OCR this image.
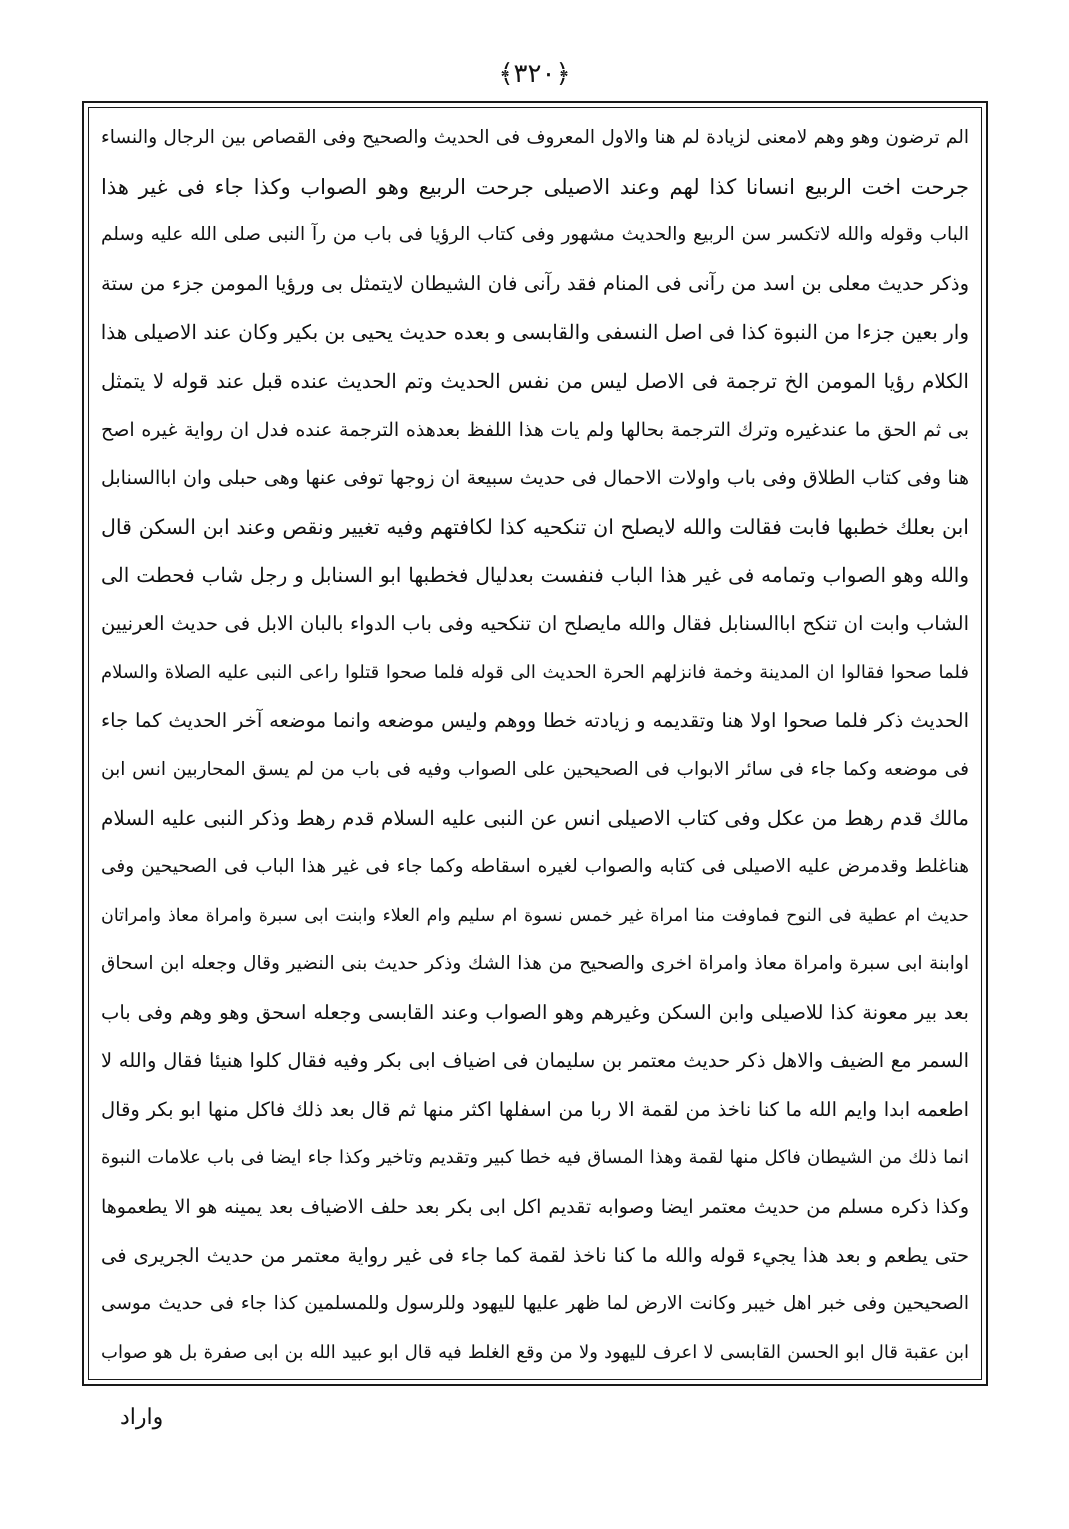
﴿٣٢٠﴾
الم ترضون وهو وهم لامعنى لزيادة لم هنا والاول المعروف فى الحديث والصحيح وفى القصاص بين الرجال والنساء
جرحت اخت الربيع انسانا كذا لهم وعند الاصيلى جرحت الربيع وهو الصواب وكذا جاء فى غير هذا
الباب وقوله والله لاتكسر سن الربيع والحديث مشهور وفى كتاب الرؤيا فى باب من رآ النبى صلى الله عليه وسلم
وذكر حديث معلى بن اسد من رآنى فى المنام فقد رآنى فان الشيطان لايتمثل بى ورؤيا المومن جزء من ستة
وار بعين جزءا من النبوة كذا فى اصل النسفى والقابسى و بعده حديث يحيى بن بكير وكان عند الاصيلى هذا
الكلام رؤيا المومن الخ ترجمة فى الاصل ليس من نفس الحديث وتم الحديث عنده قبل عند قوله لا يتمثل
بى ثم الحق ما عندغيره وترك الترجمة بحالها ولم يات هذا اللفظ بعدهذه الترجمة عنده فدل ان رواية غيره اصح
هنا وفى كتاب الطلاق وفى باب واولات الاحمال فى حديث سبيعة ان زوجها توفى عنها وهى حبلى وان اباالسنابل
ابن بعلك خطبها فابت فقالت والله لايصلح ان تنكحيه كذا لكافتهم وفيه تغيير ونقص وعند ابن السكن قال
والله وهو الصواب وتمامه فى غير هذا الباب فنفست بعدليال فخطبها ابو السنابل و رجل شاب فحطت الى
الشاب وابت ان تنكح اباالسنابل فقال والله مايصلح ان تنكحيه وفى باب الدواء بالبان الابل فى حديث العرنيين
فلما صحوا فقالوا ان المدينة وخمة فانزلهم الحرة الحديث الى قوله فلما صحوا قتلوا راعى النبى عليه الصلاة والسلام
الحديث ذكر فلما صحوا اولا هنا وتقديمه و زيادته خطا ووهم وليس موضعه وانما موضعه آخر الحديث كما جاء
فى موضعه وكما جاء فى سائر الابواب فى الصحيحين على الصواب وفيه فى باب من لم يسق المحاربين انس ابن
مالك قدم رهط من عكل وفى كتاب الاصيلى انس عن النبى عليه السلام قدم رهط وذكر النبى عليه السلام
هناغلط وقدمرض عليه الاصيلى فى كتابه والصواب لغيره اسقاطه وكما جاء فى غير هذا الباب فى الصحيحين وفى
حديث ام عطية فى النوح فماوفت منا امراة غير خمس نسوة ام سليم وام العلاء وابنت ابى سبرة وامراة معاذ وامراتان
اوابنة ابى سبرة وامراة معاذ وامراة اخرى والصحيح من هذا الشك وذكر حديث بنى النضير وقال وجعله ابن اسحاق
بعد بير معونة كذا للاصيلى وابن السكن وغيرهم وهو الصواب وعند القابسى وجعله اسحق وهو وهم وفى باب
السمر مع الضيف والاهل ذكر حديث معتمر بن سليمان فى اضياف ابى بكر وفيه فقال كلوا هنيئا فقال والله لا
اطعمه ابدا وايم الله ما كنا ناخذ من لقمة الا ربا من اسفلها اكثر منها ثم قال بعد ذلك فاكل منها ابو بكر وقال
انما ذلك من الشيطان فاكل منها لقمة وهذا المساق فيه خطا كبير وتقديم وتاخير وكذا جاء ايضا فى باب علامات النبوة
وكذا ذكره مسلم من حديث معتمر ايضا وصوابه تقديم اكل ابى بكر بعد حلف الاضياف بعد يمينه هو الا يطعموها
حتى يطعم و بعد هذا يجيء قوله والله ما كنا ناخذ لقمة كما جاء فى غير رواية معتمر من حديث الجريرى فى
الصحيحين وفى خبر اهل خيبر وكانت الارض لما ظهر عليها لليهود وللرسول وللمسلمين كذا جاء فى حديث موسى
ابن عقبة قال ابو الحسن القابسى لا اعرف لليهود ولا من وقع الغلط فيه قال ابو عبيد الله بن ابى صفرة بل هو صواب
واراد
